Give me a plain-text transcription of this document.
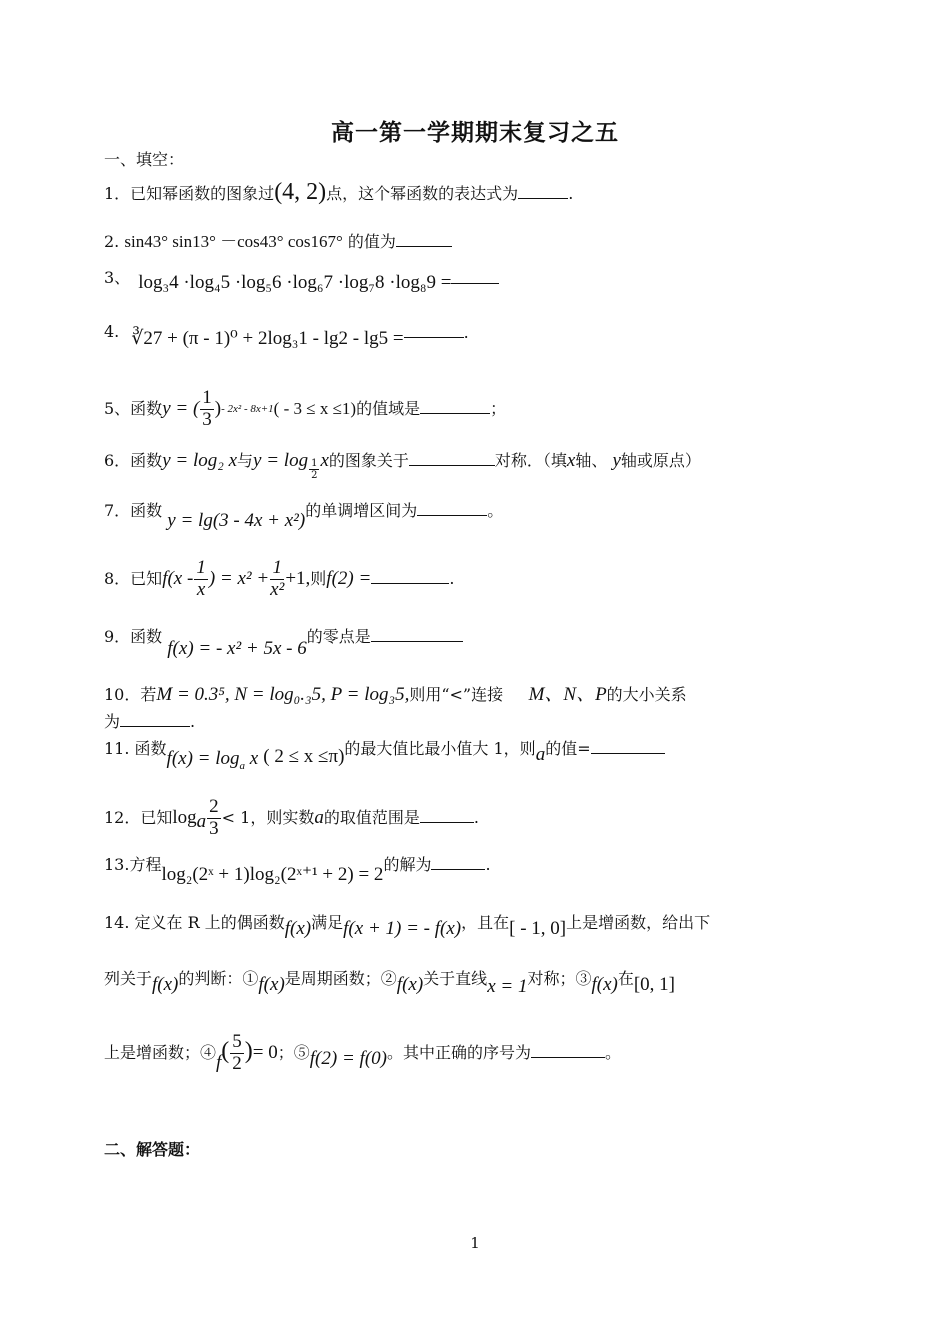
高一第一学期期末复习之五
一、填空：
1．已知幂函数的图象过(4, 2)点，这个幂函数的表达式为	.
2. sin43° sin13° －cos43° cos167° 的值为
3、 log₃4 ·log₄5 ·log₅6 ·log₆7 ·log₇8 ·log₈9 =
4. ∛27 + (π - 1)⁰ + 2log₃1 - lg2 - lg5 =	.
5、函数y = ( $\frac{1}{3}$ )- 2x² - 8x+1( - 3 ≤ x ≤1)的值域是	；
6．函数y = log₂ x与$y = \log \frac{1}{2}$ x的图象关于	对称．（填x轴、 y轴或原点）
7．函数 y = lg(3 - 4x + x²)的单调增区间为	。
8．已知$f(x - \frac{1}{x}$ ) = $x^2 + \frac{1}{\text{x²}} +1$,则f(2) =	.
9．函数 f(x) = - x² + 5x - 6的零点是
10．若M = 0.3⁵, N = log₀.₃5, P = log₃5,则用“<”连接 M、N、P的大小关系
为	.
11. 函数$f(x) = \log_a x$ ( 2 ≤ x ≤π)的最大值比最小值大 1，则a的值=
12．已知$\log_a \frac{2}{3} < 1$，则实数a的取值范围是	.
13.方程log₂(2ˣ + 1)log₂(2ˣ⁺¹ + 2) = 2的解为	.
14. 定义在 R 上的偶函数f(x)满足f(x + 1) = - f(x)，且在[ - 1, 0]上是增函数，给出下
列关于f(x)的判断：①f(x)是周期函数；②f(x)关于直线x = 1对称；③f(x)在[0, 1]
上是增函数；④f( $\frac{5}{2}$ )= 0；⑤f(2) = f(0)。其中正确的序号为	。
二、解答题：
1
